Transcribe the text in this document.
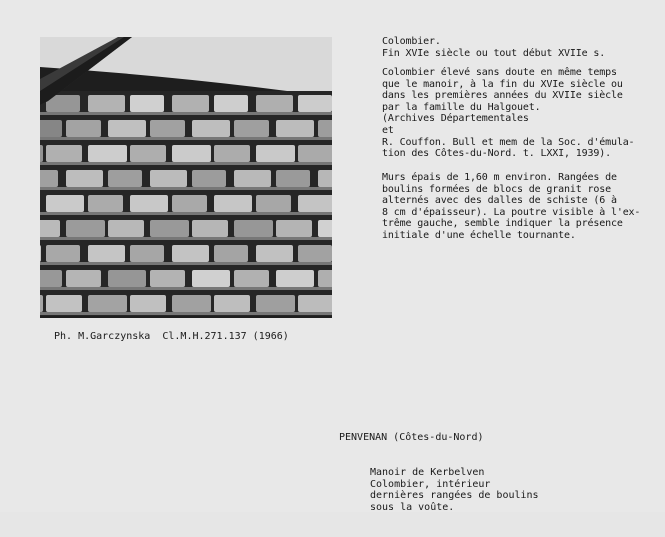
Colombier.
Fin XVIe siècle ou tout début XVIIe s.
Colombier élevé sans doute en même temps
que le manoir, à la fin du XVIe siècle ou
dans les premières années du XVIIe siècle
par la famille du Halgouet.
(Archives Départementales
et
R. Couffon. Bull et mem de la Soc. d'émula-
tion des Côtes-du-Nord. t. LXXI, 1939).
Murs épais de 1,60 m environ. Rangées de
boulins formées de blocs de granit rose
alternés avec des dalles de schiste (6 à
8 cm d'épaisseur). La poutre visible à l'ex-
trême gauche, semble indiquer la présence
initiale d'une échelle tournante.
Ph. M.Garczynska  Cl.M.H.271.137 (1966)

PENVENAN (Côtes-du-Nord)

Manoir de Kerbelven
Colombier, intérieur
dernières rangées de boulins
sous la voûte.
